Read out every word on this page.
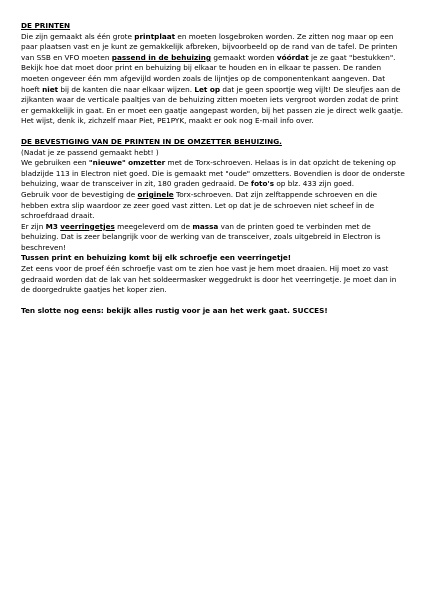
DE PRINTEN

Die zijn gemaakt als één grote printplaat en moeten losgebroken worden. Ze zitten nog maar op een paar plaatsen vast en je kunt ze gemakkelijk afbreken, bijvoorbeeld op de rand van de tafel. De printen van SSB en VFO moeten passend in de behuizing gemaakt worden vóórdat je ze gaat "bestukken". Bekijk hoe dat moet door print en behuizing bij elkaar te houden en in elkaar te passen. De randen moeten ongeveer één mm afgevijld worden zoals de lijntjes op de componentenkant aangeven. Dat hoeft niet bij de kanten die naar elkaar wijzen. Let op dat je geen spoortje weg vijlt! De sleufjes aan de zijkanten waar de verticale paaltjes van de behuizing zitten moeten iets vergroot worden zodat de print er gemakkelijk in gaat. En er moet een gaatje aangepast worden, bij het passen zie je direct welk gaatje.

Het wijst, denk ik, zichzelf maar Piet, PE1PYK, maakt er ook nog E-mail info over.

DE BEVESTIGING VAN DE PRINTEN IN DE OMZETTER BEHUIZING.

(Nadat je ze passend gemaakt hebt! )

We gebruiken een "nieuwe" omzetter met de Torx-schroeven. Helaas is in dat opzicht de tekening op bladzijde 113 in Electron niet goed. Die is gemaakt met "oude" omzetters. Bovendien is door de onderste behuizing, waar de transceiver in zit, 180 graden gedraaid. De foto's op blz. 433 zijn goed.

Gebruik voor de bevestiging de originele Torx-schroeven. Dat zijn zelftappende schroeven en die hebben extra slip waardoor ze zeer goed vast zitten. Let op dat je de schroeven niet scheef in de schroefdraad draait.

Er zijn M3 veerringetjes meegeleverd om de massa van de printen goed te verbinden met de behuizing. Dat is zeer belangrijk voor de werking van de transceiver, zoals uitgebreid in Electron is beschreven!

Tussen print en behuizing komt bij elk schroefje een veerringetje!

Zet eens voor de proef één schroefje vast om te zien hoe vast je hem moet draaien. Hij moet zo vast gedraaid worden dat de lak van het soldeermasker weggedrukt is door het veerringetje. Je moet dan in de doorgedrukte gaatjes het koper zien.

Ten slotte nog eens: bekijk alles rustig voor je aan het werk gaat. SUCCES!
